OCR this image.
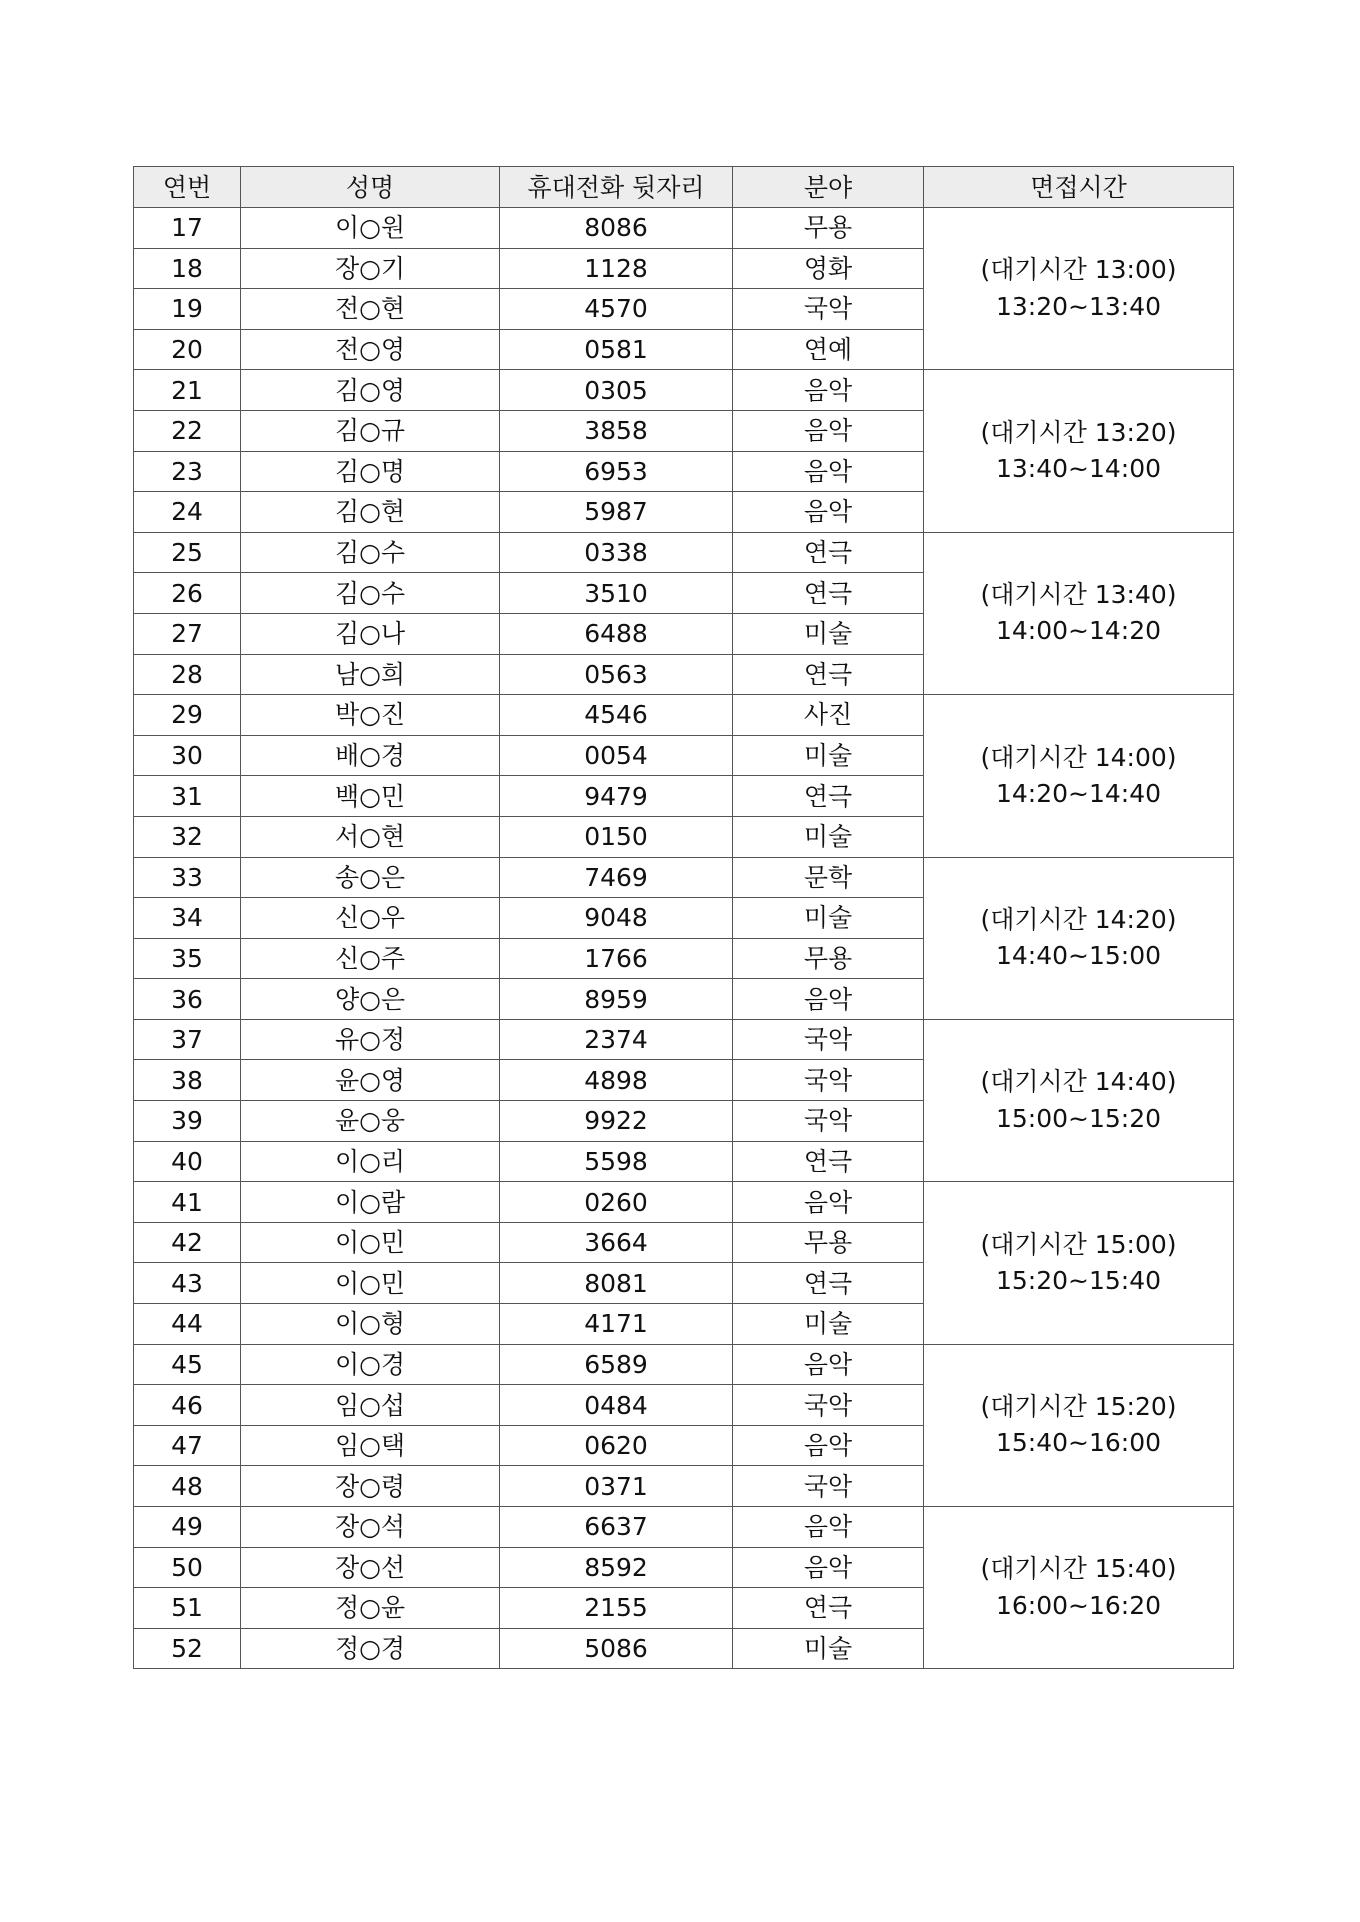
연번	성명	휴대전화 뒷자리	분야	면접시간
17	이○원	8086	무용	(대기시간 13:00)
13:20~13:40

18	장○기	1128	영화	
19	전○현	4570	국악	
20	전○영	0581	연예	
21	김○영	0305	음악	(대기시간 13:20)
13:40~14:00

22	김○규	3858	음악	
23	김○명	6953	음악	
24	김○현	5987	음악	
25	김○수	0338	연극	(대기시간 13:40)
14:00~14:20

26	김○수	3510	연극	
27	김○나	6488	미술	
28	남○희	0563	연극	
29	박○진	4546	사진	(대기시간 14:00)
14:20~14:40

30	배○경	0054	미술	
31	백○민	9479	연극	
32	서○현	0150	미술	
33	송○은	7469	문학	(대기시간 14:20)
14:40~15:00

34	신○우	9048	미술	
35	신○주	1766	무용	
36	양○은	8959	음악	
37	유○정	2374	국악	(대기시간 14:40)
15:00~15:20

38	윤○영	4898	국악	
39	윤○웅	9922	국악	
40	이○리	5598	연극	
41	이○람	0260	음악	(대기시간 15:00)
15:20~15:40

42	이○민	3664	무용	
43	이○민	8081	연극	
44	이○형	4171	미술	
45	이○경	6589	음악	(대기시간 15:20)
15:40~16:00

46	임○섭	0484	국악	
47	임○택	0620	음악	
48	장○령	0371	국악	
49	장○석	6637	음악	(대기시간 15:40)
16:00~16:20

50	장○선	8592	음악	
51	정○윤	2155	연극	
52	정○경	5086	미술	
